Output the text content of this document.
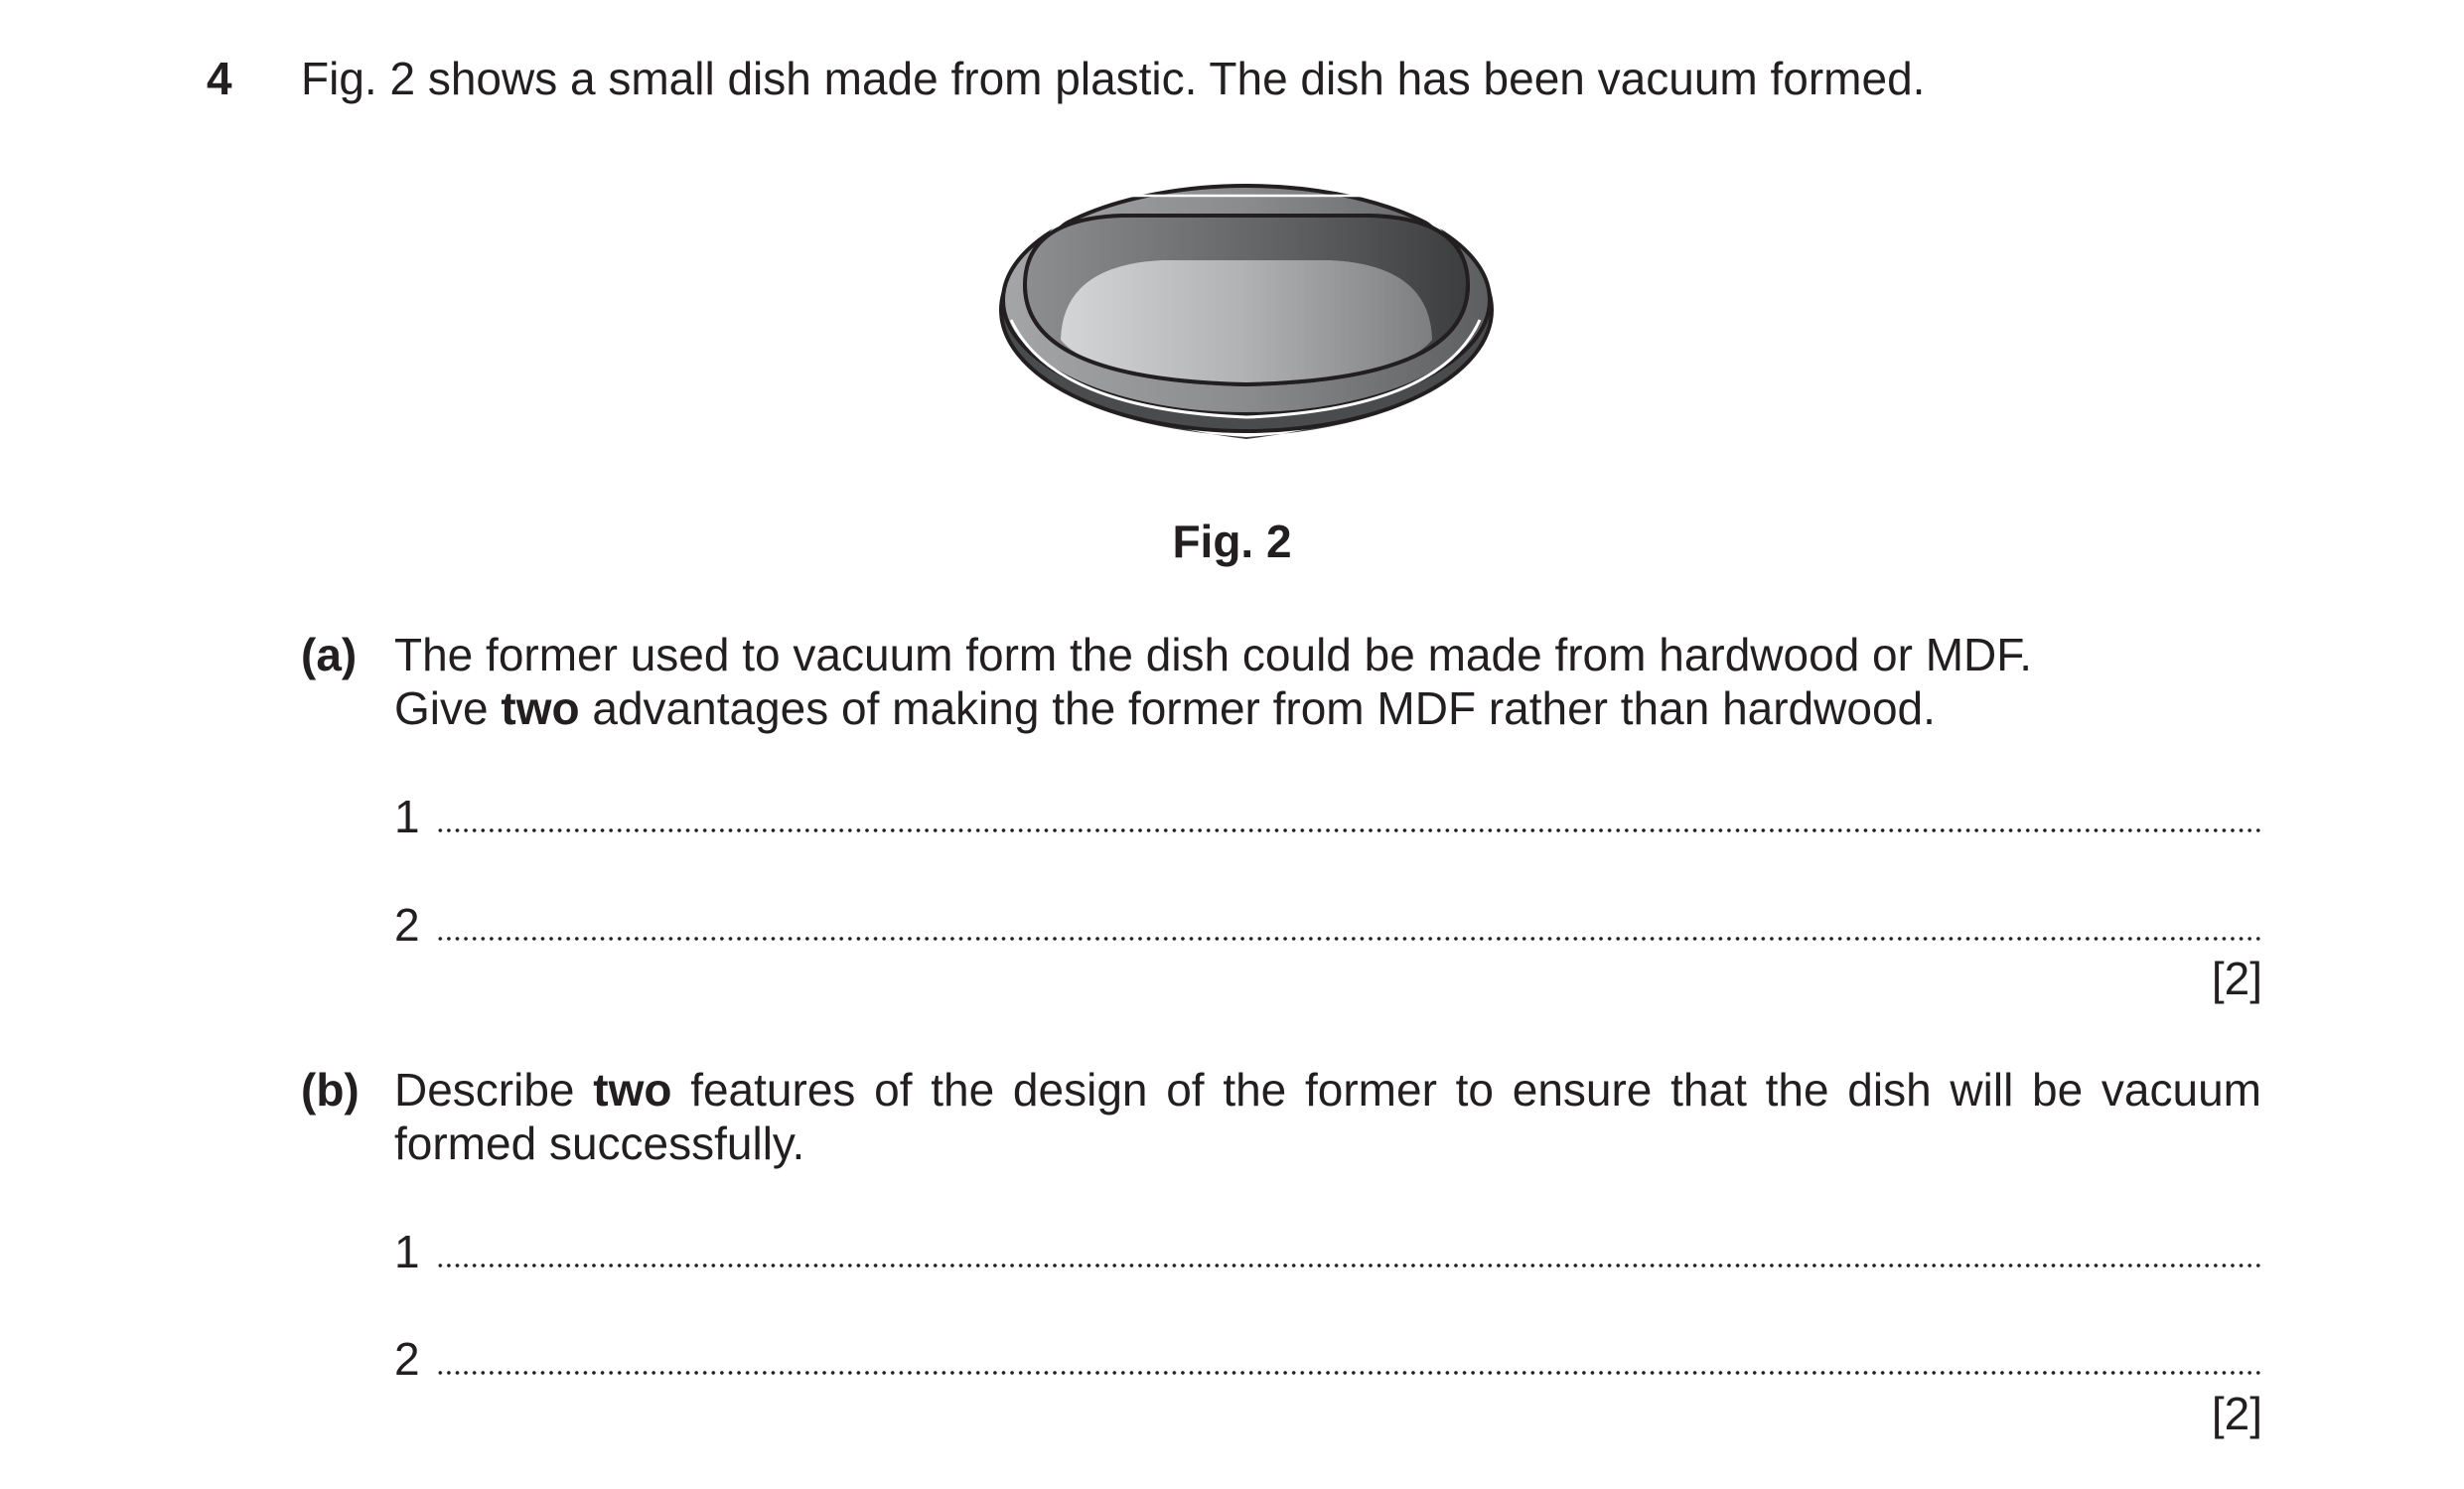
4 Fig. 2 shows a small dish made from plastic. The dish has been vacuum formed.
Fig. 2
(a) The former used to vacuum form the dish could be made from hardwood or MDF.
Give two advantages of making the former from MDF rather than hardwood.
1
2
[2]
(b) Describe two features of the design of the former to ensure that the dish will be vacuum formed successfully.
1
2
[2]
